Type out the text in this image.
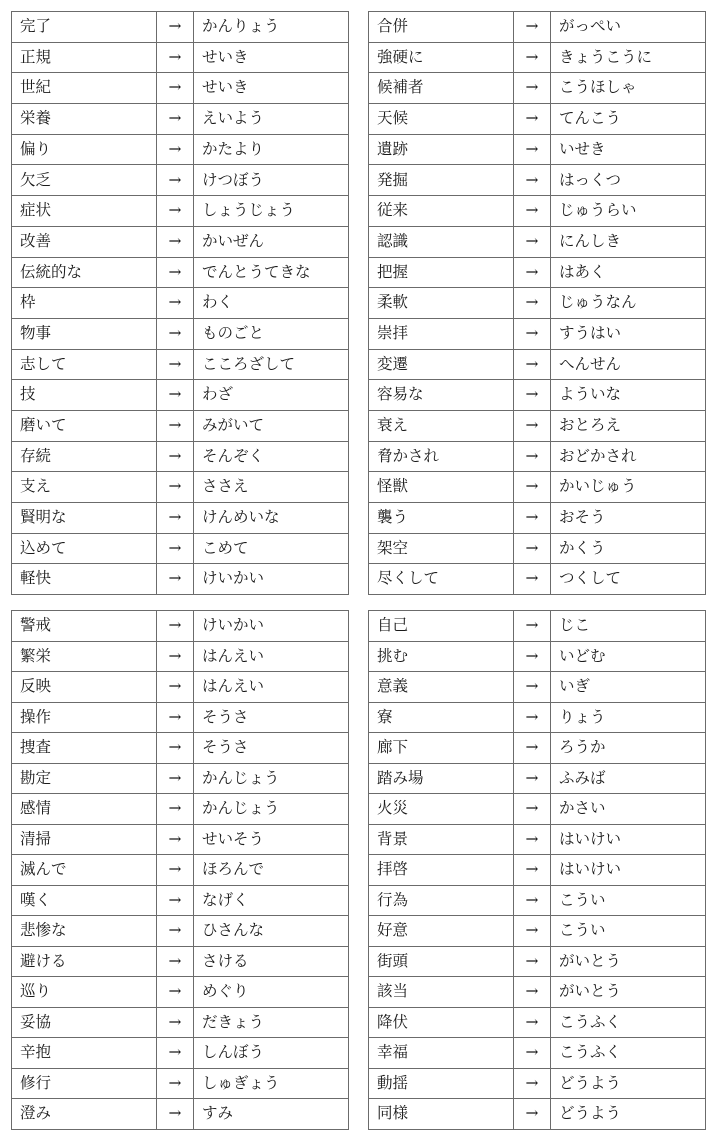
完了	→	かんりょう
正規	→	せいき
世紀	→	せいき
栄養	→	えいよう
偏り	→	かたより
欠乏	→	けつぼう
症状	→	しょうじょう
改善	→	かいぜん
伝統的な	→	でんとうてきな
枠	→	わく
物事	→	ものごと
志して	→	こころざして
技	→	わざ
磨いて	→	みがいて
存続	→	そんぞく
支え	→	ささえ
賢明な	→	けんめいな
込めて	→	こめて
軽快	→	けいかい
合併	→	がっぺい
強硬に	→	きょうこうに
候補者	→	こうほしゃ
天候	→	てんこう
遺跡	→	いせき
発掘	→	はっくつ
従来	→	じゅうらい
認識	→	にんしき
把握	→	はあく
柔軟	→	じゅうなん
崇拝	→	すうはい
変遷	→	へんせん
容易な	→	よういな
衰え	→	おとろえ
脅かされ	→	おどかされ
怪獣	→	かいじゅう
襲う	→	おそう
架空	→	かくう
尽くして	→	つくして
警戒	→	けいかい
繁栄	→	はんえい
反映	→	はんえい
操作	→	そうさ
捜査	→	そうさ
勘定	→	かんじょう
感情	→	かんじょう
清掃	→	せいそう
滅んで	→	ほろんで
嘆く	→	なげく
悲惨な	→	ひさんな
避ける	→	さける
巡り	→	めぐり
妥協	→	だきょう
辛抱	→	しんぼう
修行	→	しゅぎょう
澄み	→	すみ
自己	→	じこ
挑む	→	いどむ
意義	→	いぎ
寮	→	りょう
廊下	→	ろうか
踏み場	→	ふみば
火災	→	かさい
背景	→	はいけい
拝啓	→	はいけい
行為	→	こうい
好意	→	こうい
街頭	→	がいとう
該当	→	がいとう
降伏	→	こうふく
幸福	→	こうふく
動揺	→	どうよう
同様	→	どうよう
